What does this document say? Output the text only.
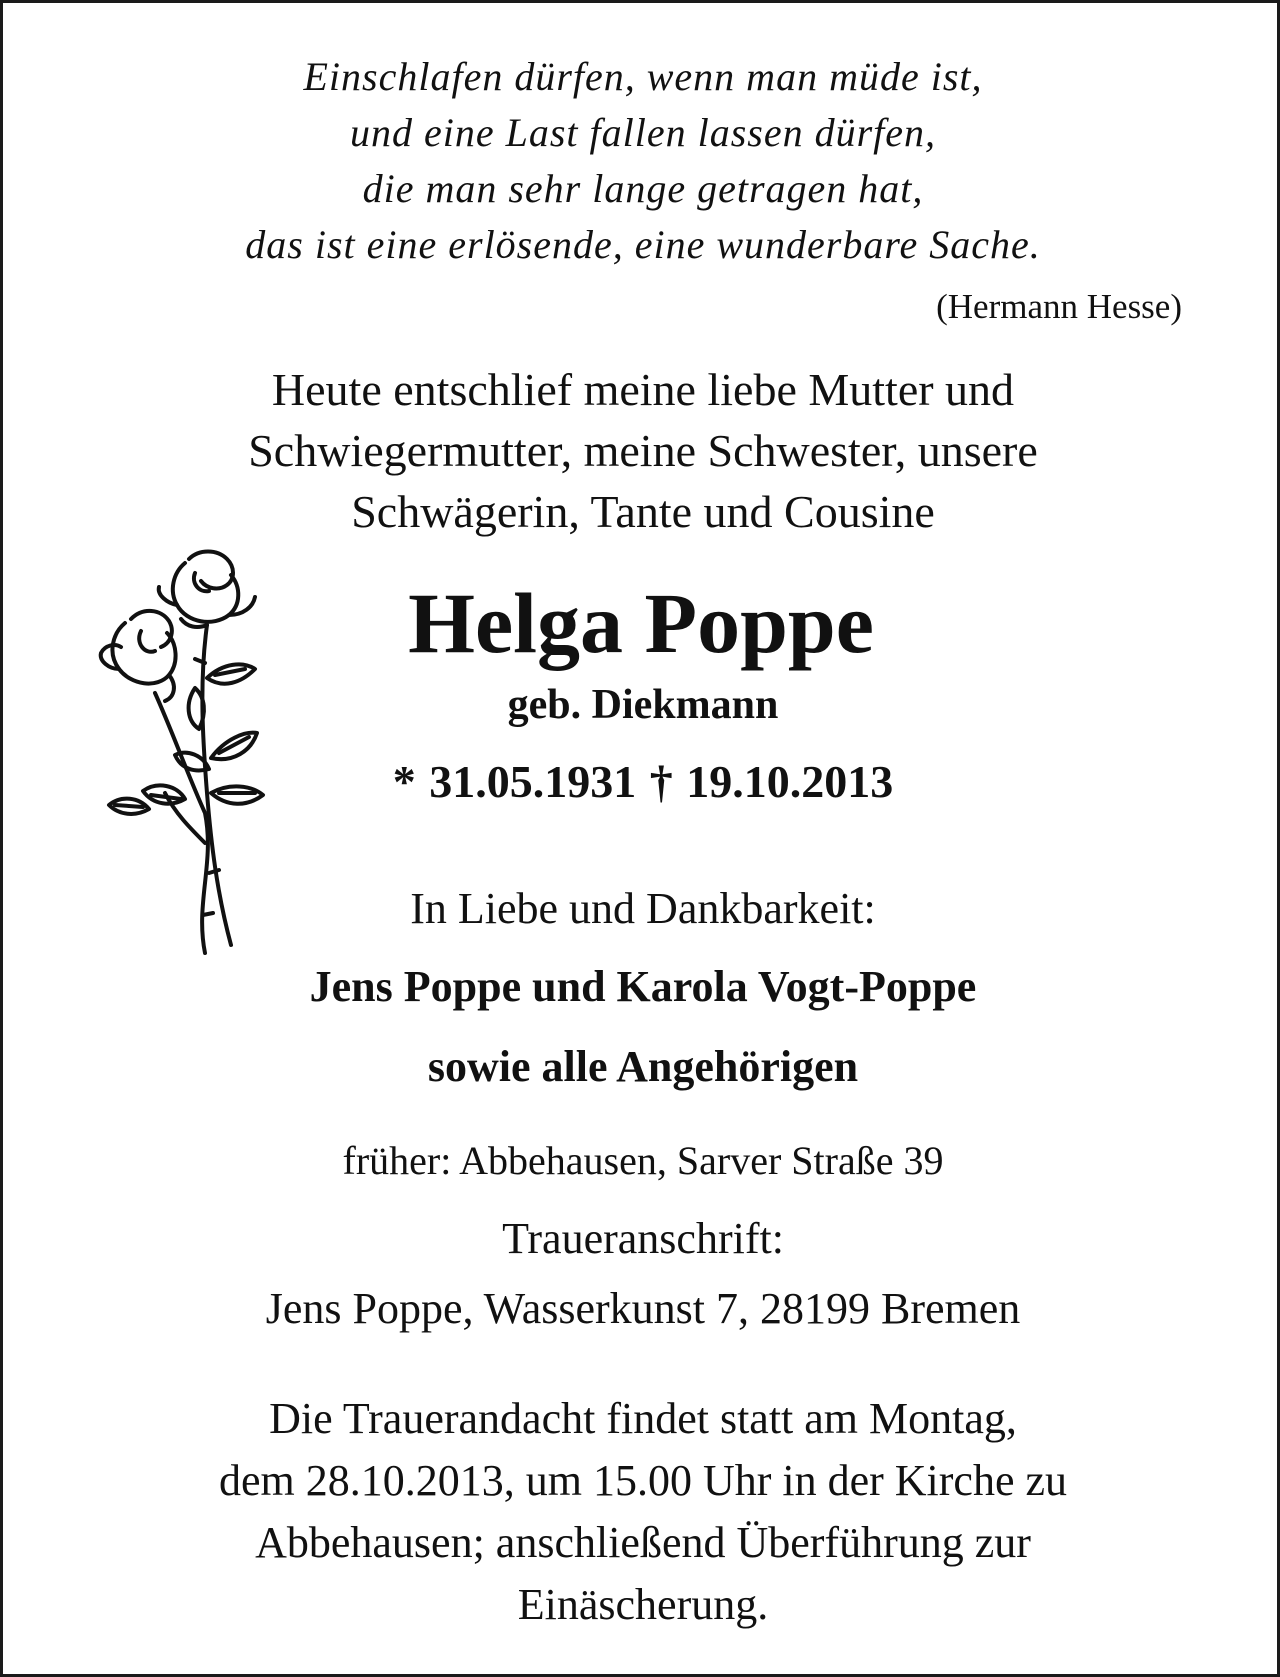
Einschlafen dürfen, wenn man müde ist,

und eine Last fallen lassen dürfen,

die man sehr lange getragen hat,

das ist eine erlösende, eine wunderbare Sache.

(Hermann Hesse)

Heute entschlief meine liebe Mutter und

Schwiegermutter, meine Schwester, unsere

Schwägerin, Tante und Cousine

Helga Poppe

geb. Diekmann

* 31.05.1931 † 19.10.2013

In Liebe und Dankbarkeit:

Jens Poppe und Karola Vogt-Poppe

sowie alle Angehörigen

früher: Abbehausen, Sarver Straße 39

Traueranschrift:

Jens Poppe, Wasserkunst 7, 28199 Bremen

Die Trauerandacht findet statt am Montag,

dem 28.10.2013, um 15.00 Uhr in der Kirche zu

Abbehausen; anschließend Überführung zur

Einäscherung.
